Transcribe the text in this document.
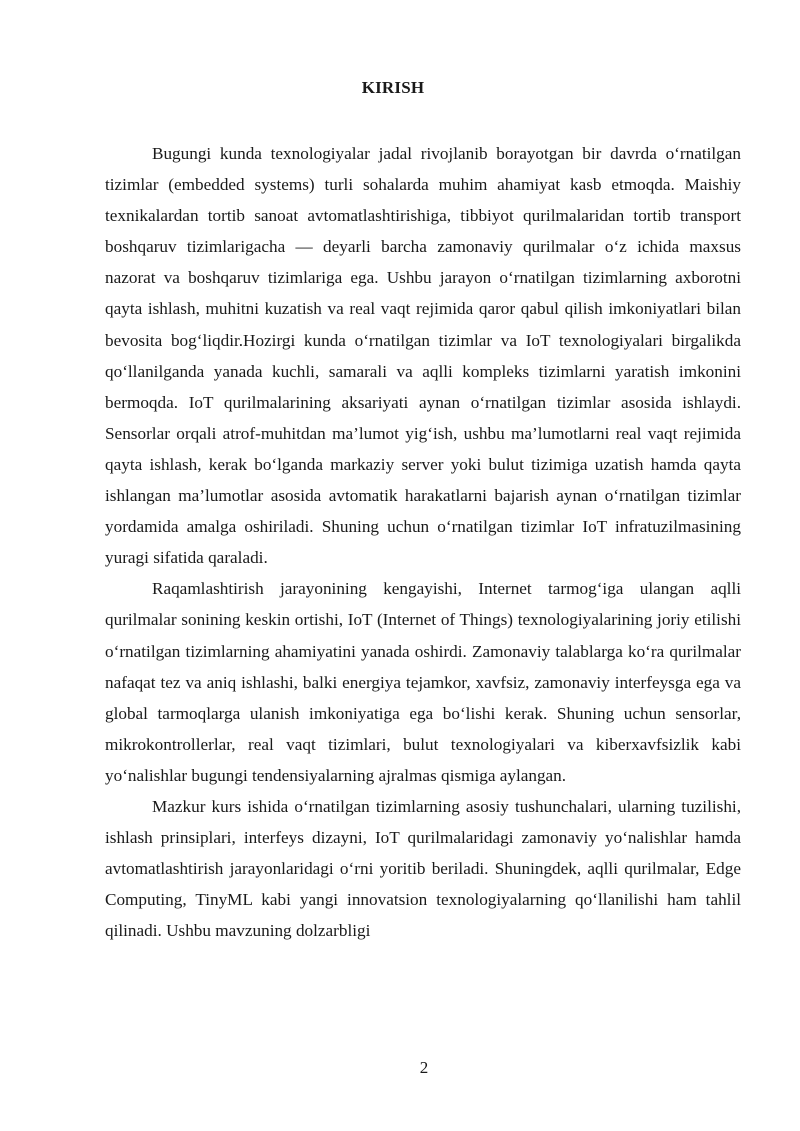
KIRISH

Bugungi kunda texnologiyalar jadal rivojlanib borayotgan bir davrda o‘rnatilgan tizimlar (embedded systems) turli sohalarda muhim ahamiyat kasb etmoqda. Maishiy texnikalardan tortib sanoat avtomatlashtirishiga, tibbiyot qurilmalaridan tortib transport boshqaruv tizimlarigacha — deyarli barcha zamonaviy qurilmalar o‘z ichida maxsus nazorat va boshqaruv tizimlariga ega. Ushbu jarayon o‘rnatilgan tizimlarning axborotni qayta ishlash, muhitni kuzatish va real vaqt rejimida qaror qabul qilish imkoniyatlari bilan bevosita bog‘liqdir.Hozirgi kunda o‘rnatilgan tizimlar va IoT texnologiyalari birgalikda qo‘llanilganda yanada kuchli, samarali va aqlli kompleks tizimlarni yaratish imkonini bermoqda. IoT qurilmalarining aksariyati aynan o‘rnatilgan tizimlar asosida ishlaydi. Sensorlar orqali atrof-muhitdan ma’lumot yig‘ish, ushbu ma’lumotlarni real vaqt rejimida qayta ishlash, kerak bo‘lganda markaziy server yoki bulut tizimiga uzatish hamda qayta ishlangan ma’lumotlar asosida avtomatik harakatlarni bajarish aynan o‘rnatilgan tizimlar yordamida amalga oshiriladi. Shuning uchun o‘rnatilgan tizimlar IoT infratuzilmasining yuragi sifatida qaraladi.

Raqamlashtirish jarayonining kengayishi, Internet tarmog‘iga ulangan aqlli qurilmalar sonining keskin ortishi, IoT (Internet of Things) texnologiyalarining joriy etilishi o‘rnatilgan tizimlarning ahamiyatini yanada oshirdi. Zamonaviy talablarga ko‘ra qurilmalar nafaqat tez va aniq ishlashi, balki energiya tejamkor, xavfsiz, zamonaviy interfeysga ega va global tarmoqlarga ulanish imkoniyatiga ega bo‘lishi kerak. Shuning uchun sensorlar, mikrokontrollerlar, real vaqt tizimlari, bulut texnologiyalari va kiberxavfsizlik kabi yo‘nalishlar bugungi tendensiyalarning ajralmas qismiga aylangan.

Mazkur kurs ishida o‘rnatilgan tizimlarning asosiy tushunchalari, ularning tuzilishi, ishlash prinsiplari, interfeys dizayni, IoT qurilmalaridagi zamonaviy yo‘nalishlar hamda avtomatlashtirish jarayonlaridagi o‘rni yoritib beriladi. Shuningdek, aqlli qurilmalar, Edge Computing, TinyML kabi yangi innovatsion texnologiyalarning qo‘llanilishi ham tahlil qilinadi. Ushbu mavzuning dolzarbligi

2
